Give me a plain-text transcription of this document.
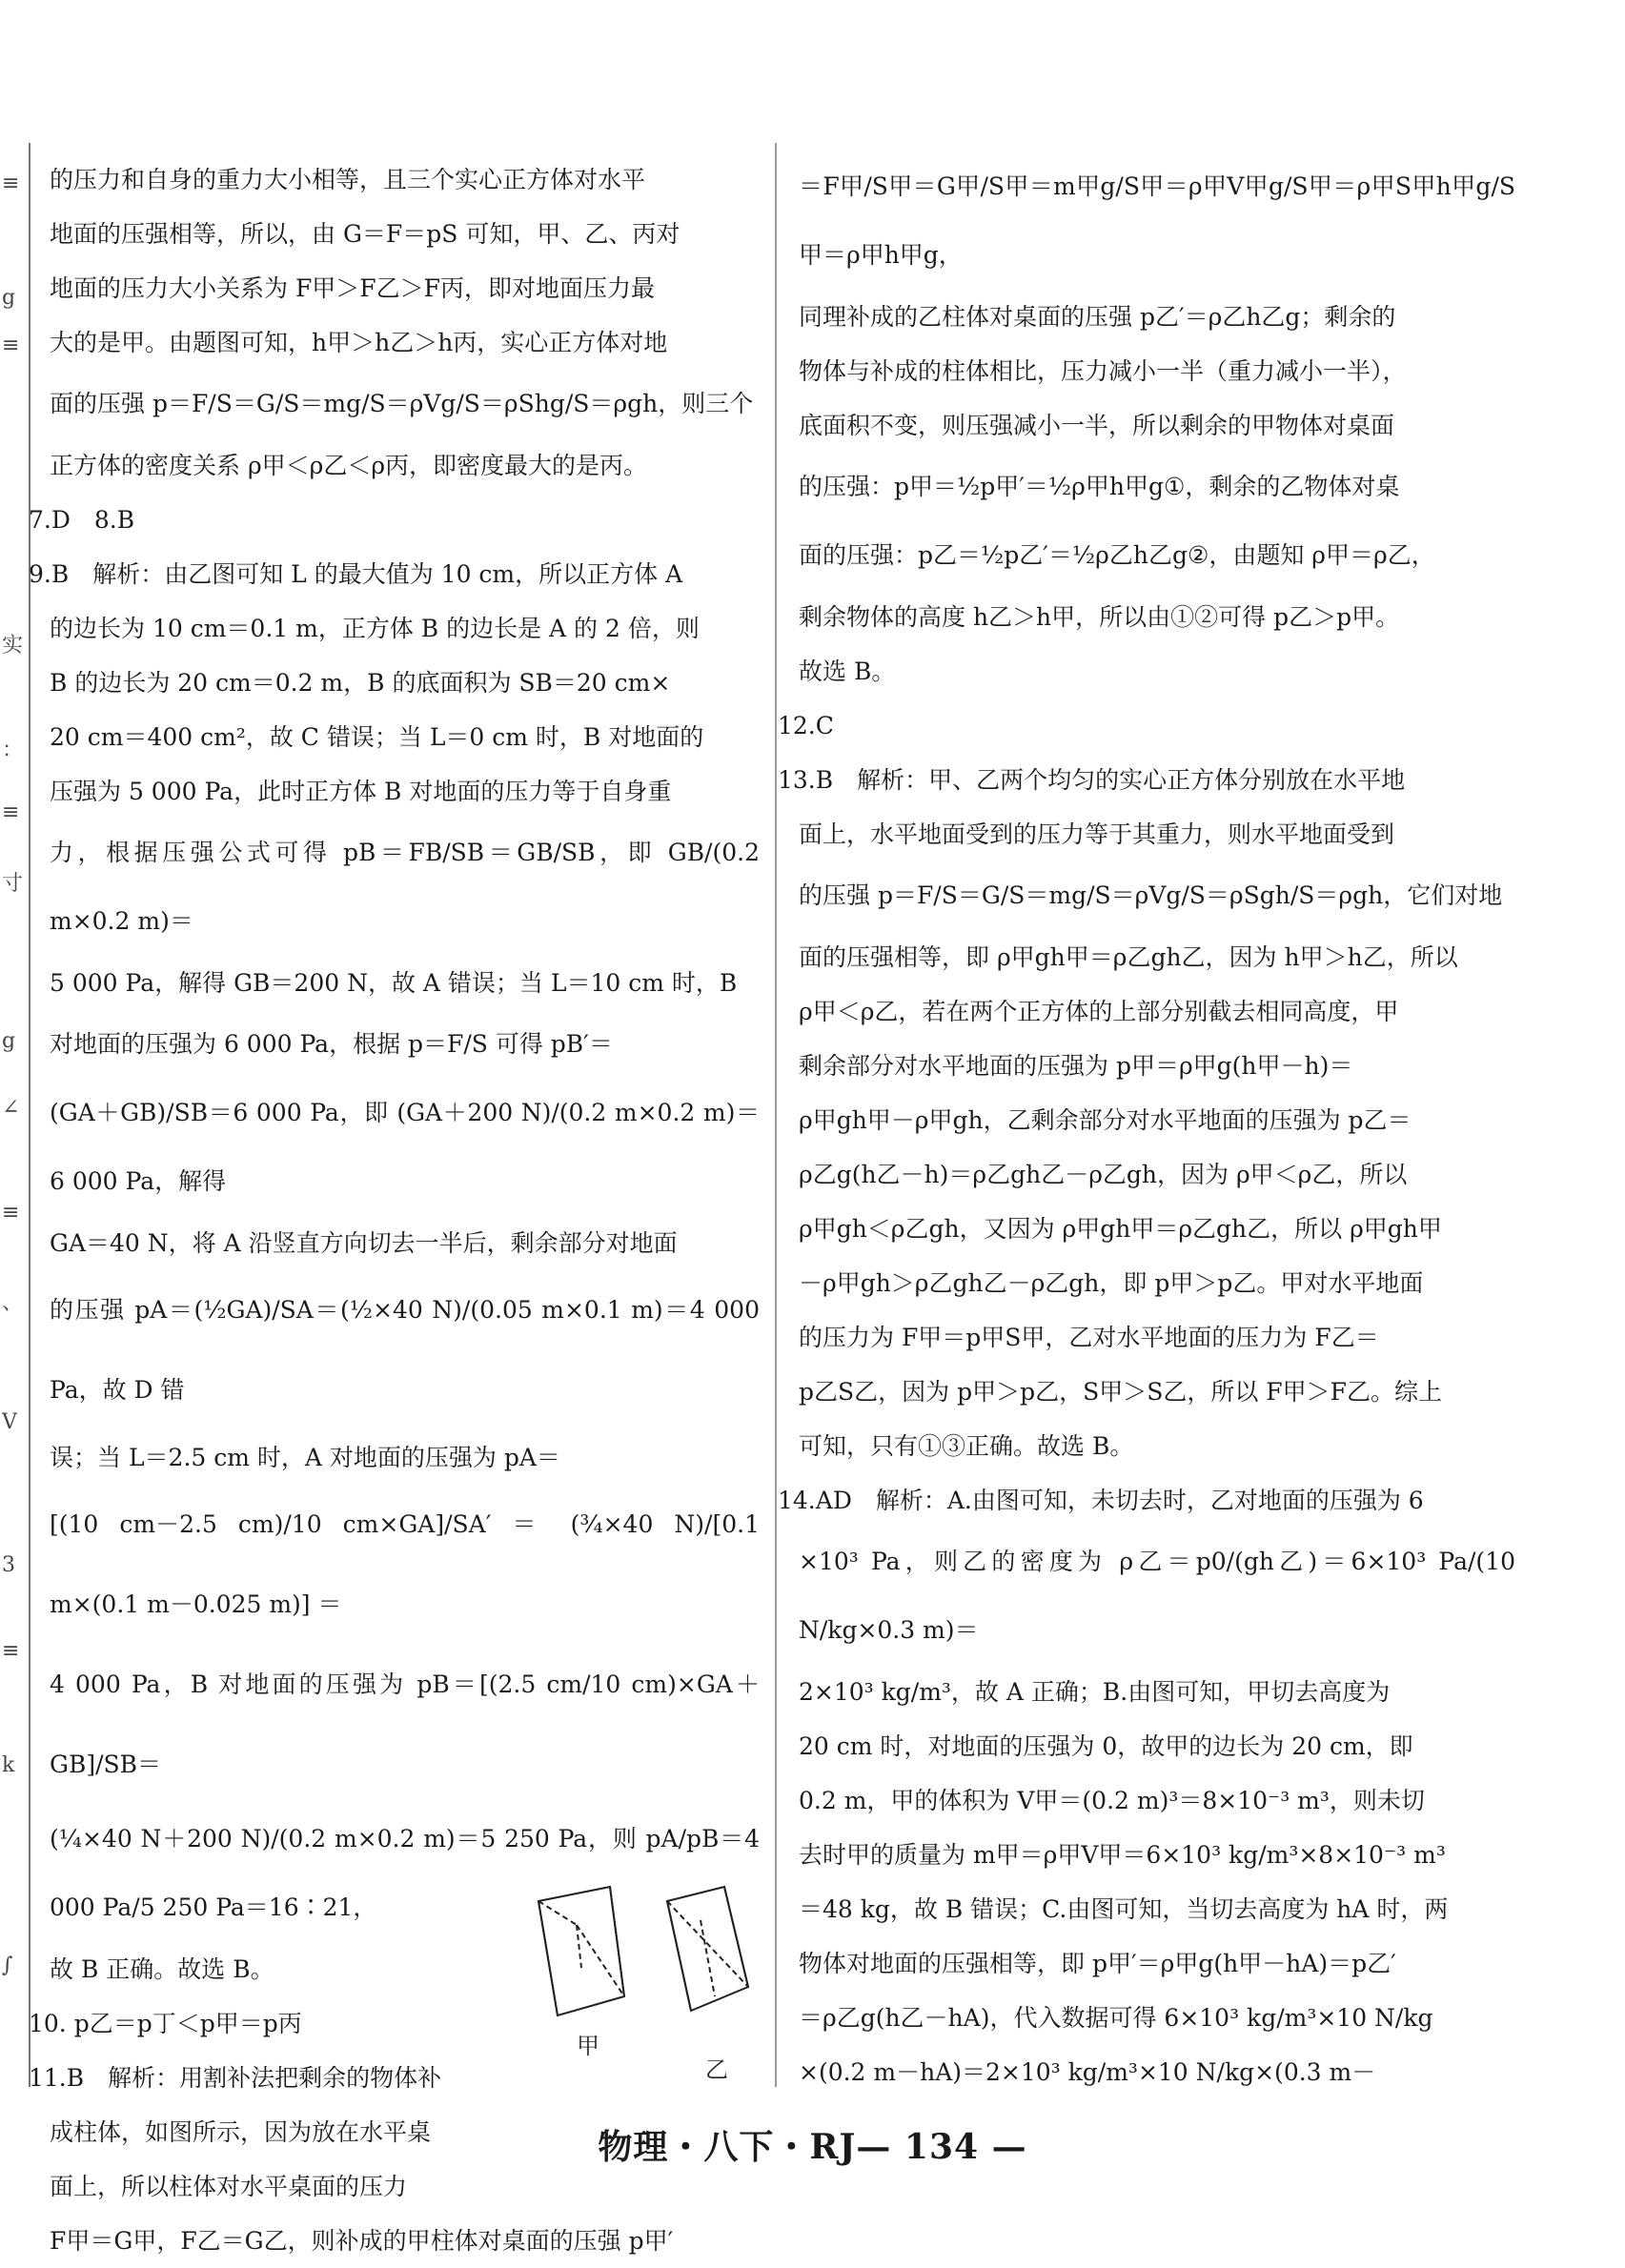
≡
g
≡
实
：
≡
寸
g
∠
≡
、
V
3
≡
k
∫

的压力和自身的重力大小相等，且三个实心正方体对水平

地面的压强相等，所以，由 G＝F＝pS 可知，甲、乙、丙对

地面的压力大小关系为 F甲＞F乙＞F丙，即对地面压力最

大的是甲。由题图可知，h甲＞h乙＞h丙，实心正方体对地

面的压强 p＝F/S＝G/S＝mg/S＝ρVg/S＝ρShg/S＝ρgh，则三个

正方体的密度关系 ρ甲＜ρ乙＜ρ丙，即密度最大的是丙。

7.D　8.B

9.B　解析：由乙图可知 L 的最大值为 10 cm，所以正方体 A

的边长为 10 cm＝0.1 m，正方体 B 的边长是 A 的 2 倍，则

B 的边长为 20 cm＝0.2 m，B 的底面积为 SB＝20 cm×

20 cm＝400 cm²，故 C 错误；当 L＝0 cm 时，B 对地面的

压强为 5 000 Pa，此时正方体 B 对地面的压力等于自身重

力，根据压强公式可得 pB＝FB/SB＝GB/SB，即 GB/(0.2 m×0.2 m)＝

5 000 Pa，解得 GB＝200 N，故 A 错误；当 L＝10 cm 时，B

对地面的压强为 6 000 Pa，根据 p＝F/S 可得 pB′＝

(GA＋GB)/SB＝6 000 Pa，即 (GA＋200 N)/(0.2 m×0.2 m)＝6 000 Pa，解得

GA＝40 N，将 A 沿竖直方向切去一半后，剩余部分对地面

的压强 pA＝(½GA)/SA＝(½×40 N)/(0.05 m×0.1 m)＝4 000 Pa，故 D 错

误；当 L＝2.5 cm 时，A 对地面的压强为 pA＝

[(10 cm－2.5 cm)/10 cm×GA]/SA′ ＝ (¾×40 N)/[0.1 m×(0.1 m－0.025 m)] ＝

4 000 Pa，B 对地面的压强为 pB＝[(2.5 cm/10 cm)×GA＋GB]/SB＝

(¼×40 N＋200 N)/(0.2 m×0.2 m)＝5 250 Pa，则 pA/pB＝4 000 Pa/5 250 Pa＝16∶21，

故 B 正确。故选 B。

10. p乙＝p丁＜p甲＝p丙

11.B　解析：用割补法把剩余的物体补

成柱体，如图所示，因为放在水平桌

面上，所以柱体对水平桌面的压力

F甲＝G甲，F乙＝G乙，则补成的甲柱体对桌面的压强 p甲′

甲
乙

＝F甲/S甲＝G甲/S甲＝m甲g/S甲＝ρ甲V甲g/S甲＝ρ甲S甲h甲g/S甲＝ρ甲h甲g，

同理补成的乙柱体对桌面的压强 p乙′＝ρ乙h乙g；剩余的

物体与补成的柱体相比，压力减小一半（重力减小一半），

底面积不变，则压强减小一半，所以剩余的甲物体对桌面

的压强：p甲＝½p甲′＝½ρ甲h甲g①，剩余的乙物体对桌

面的压强：p乙＝½p乙′＝½ρ乙h乙g②，由题知 ρ甲＝ρ乙，

剩余物体的高度 h乙＞h甲，所以由①②可得 p乙＞p甲。

故选 B。

12.C

13.B　解析：甲、乙两个均匀的实心正方体分别放在水平地

面上，水平地面受到的压力等于其重力，则水平地面受到

的压强 p＝F/S＝G/S＝mg/S＝ρVg/S＝ρSgh/S＝ρgh，它们对地

面的压强相等，即 ρ甲gh甲＝ρ乙gh乙，因为 h甲＞h乙，所以

ρ甲＜ρ乙，若在两个正方体的上部分别截去相同高度，甲

剩余部分对水平地面的压强为 p甲＝ρ甲g(h甲－h)＝

ρ甲gh甲－ρ甲gh，乙剩余部分对水平地面的压强为 p乙＝

ρ乙g(h乙－h)＝ρ乙gh乙－ρ乙gh，因为 ρ甲＜ρ乙，所以

ρ甲gh＜ρ乙gh，又因为 ρ甲gh甲＝ρ乙gh乙，所以 ρ甲gh甲

－ρ甲gh＞ρ乙gh乙－ρ乙gh，即 p甲＞p乙。甲对水平地面

的压力为 F甲＝p甲S甲，乙对水平地面的压力为 F乙＝

p乙S乙，因为 p甲＞p乙，S甲＞S乙，所以 F甲＞F乙。综上

可知，只有①③正确。故选 B。

14.AD　解析：A.由图可知，未切去时，乙对地面的压强为 6

×10³ Pa，则乙的密度为 ρ乙＝p0/(gh乙)＝6×10³ Pa/(10 N/kg×0.3 m)＝

2×10³ kg/m³，故 A 正确；B.由图可知，甲切去高度为

20 cm 时，对地面的压强为 0，故甲的边长为 20 cm，即

0.2 m，甲的体积为 V甲＝(0.2 m)³＝8×10⁻³ m³，则未切

去时甲的质量为 m甲＝ρ甲V甲＝6×10³ kg/m³×8×10⁻³ m³

＝48 kg，故 B 错误；C.由图可知，当切去高度为 hA 时，两

物体对地面的压强相等，即 p甲′＝ρ甲g(h甲－hA)＝p乙′

＝ρ乙g(h乙－hA)，代入数据可得 6×10³ kg/m³×10 N/kg

×(0.2 m－hA)＝2×10³ kg/m³×10 N/kg×(0.3 m－

物理・八下・RJ— 134 —
